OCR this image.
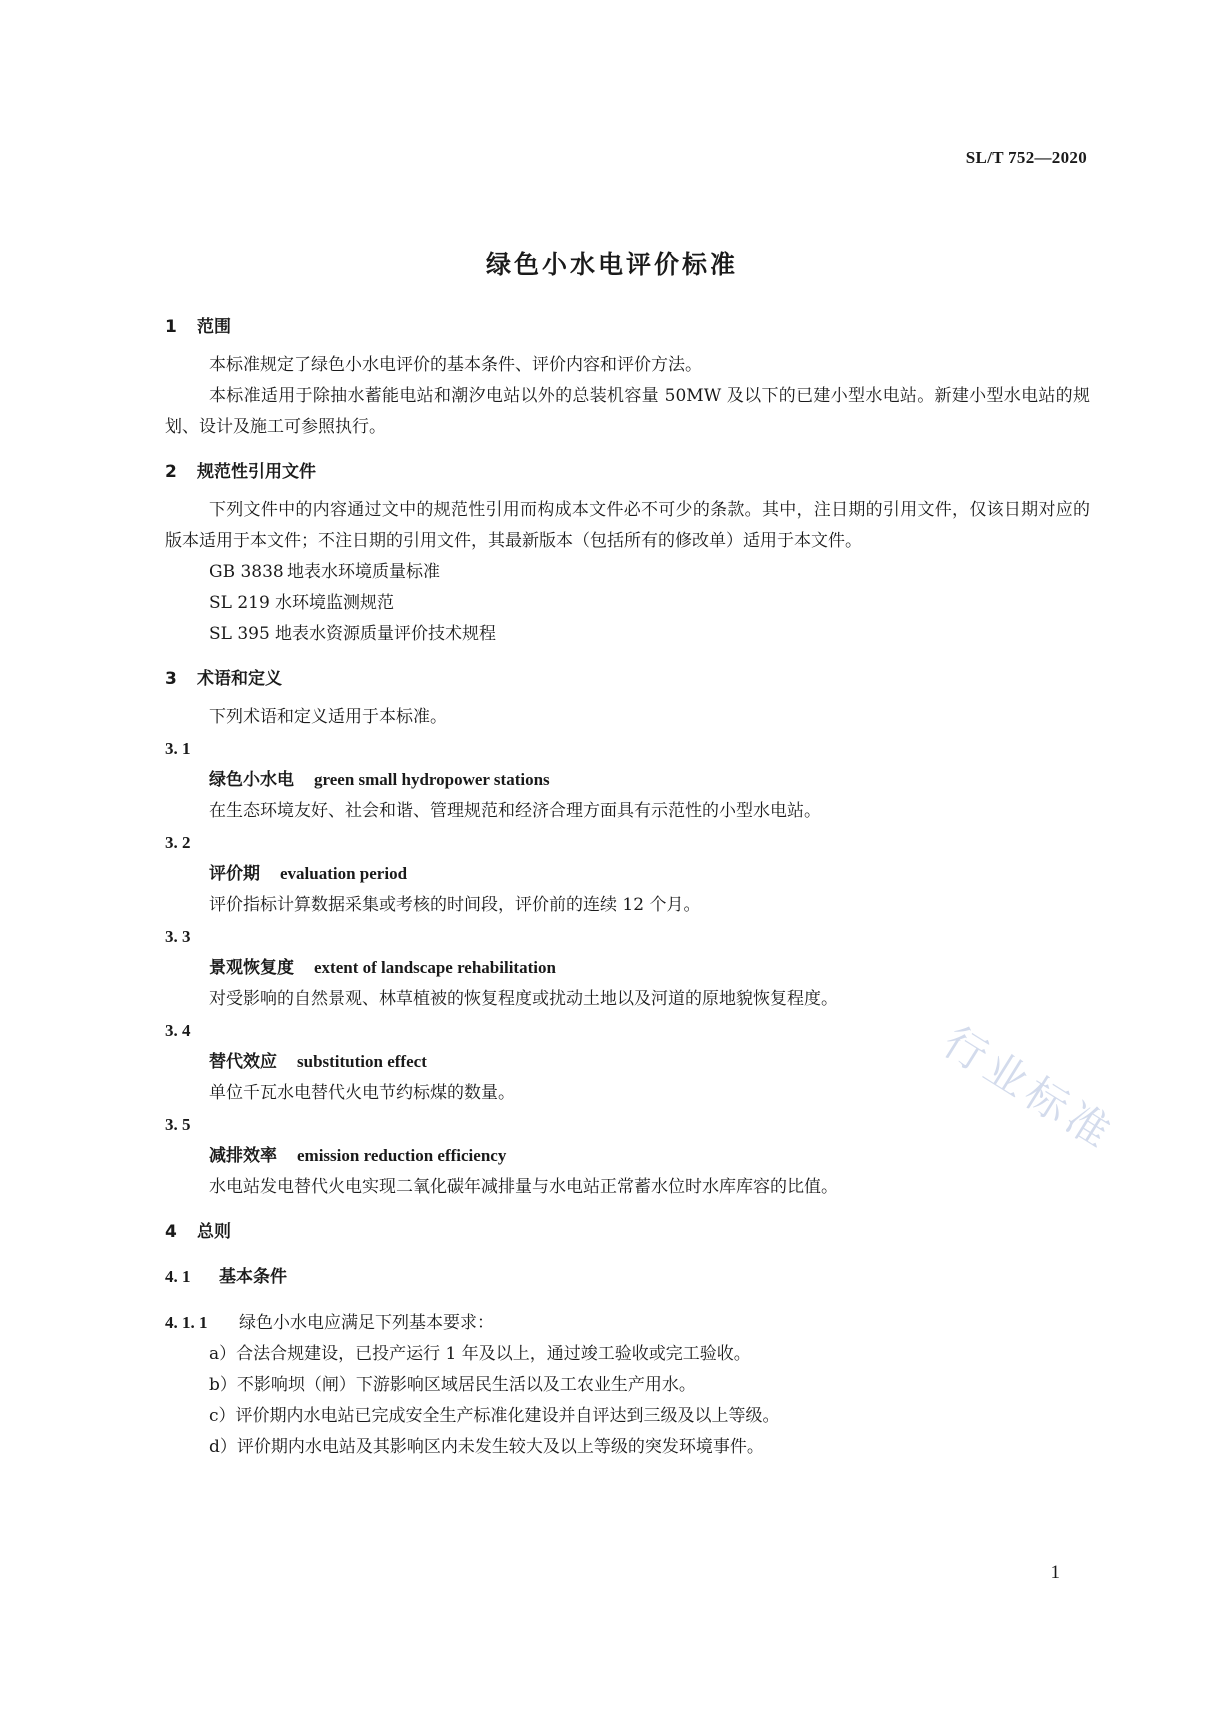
SL/T 752—2020
绿色小水电评价标准
1 范围

本标准规定了绿色小水电评价的基本条件、评价内容和评价方法。

本标准适用于除抽水蓄能电站和潮汐电站以外的总装机容量 50MW 及以下的已建小型水电站。新建小型水电站的规划、设计及施工可参照执行。

2 规范性引用文件

下列文件中的内容通过文中的规范性引用而构成本文件必不可少的条款。其中，注日期的引用文件，仅该日期对应的版本适用于本文件；不注日期的引用文件，其最新版本（包括所有的修改单）适用于本文件。

GB 3838 地表水环境质量标准

SL 219 水环境监测规范

SL 395 地表水资源质量评价技术规程

3 术语和定义

下列术语和定义适用于本标准。

3. 1

绿色小水电 green small hydropower stations

在生态环境友好、社会和谐、管理规范和经济合理方面具有示范性的小型水电站。

3. 2

评价期 evaluation period

评价指标计算数据采集或考核的时间段，评价前的连续 12 个月。

3. 3

景观恢复度 extent of landscape rehabilitation

对受影响的自然景观、林草植被的恢复程度或扰动土地以及河道的原地貌恢复程度。

3. 4

替代效应 substitution effect

单位千瓦水电替代火电节约标煤的数量。

3. 5

减排效率 emission reduction efficiency

水电站发电替代火电实现二氧化碳年减排量与水电站正常蓄水位时水库库容的比值。

4 总则

4. 1 基本条件

4. 1. 1 绿色小水电应满足下列基本要求：

a）合法合规建设，已投产运行 1 年及以上，通过竣工验收或完工验收。

b）不影响坝（闸）下游影响区域居民生活以及工农业生产用水。

c）评价期内水电站已完成安全生产标准化建设并自评达到三级及以上等级。

d）评价期内水电站及其影响区内未发生较大及以上等级的突发环境事件。

行业标准
1
